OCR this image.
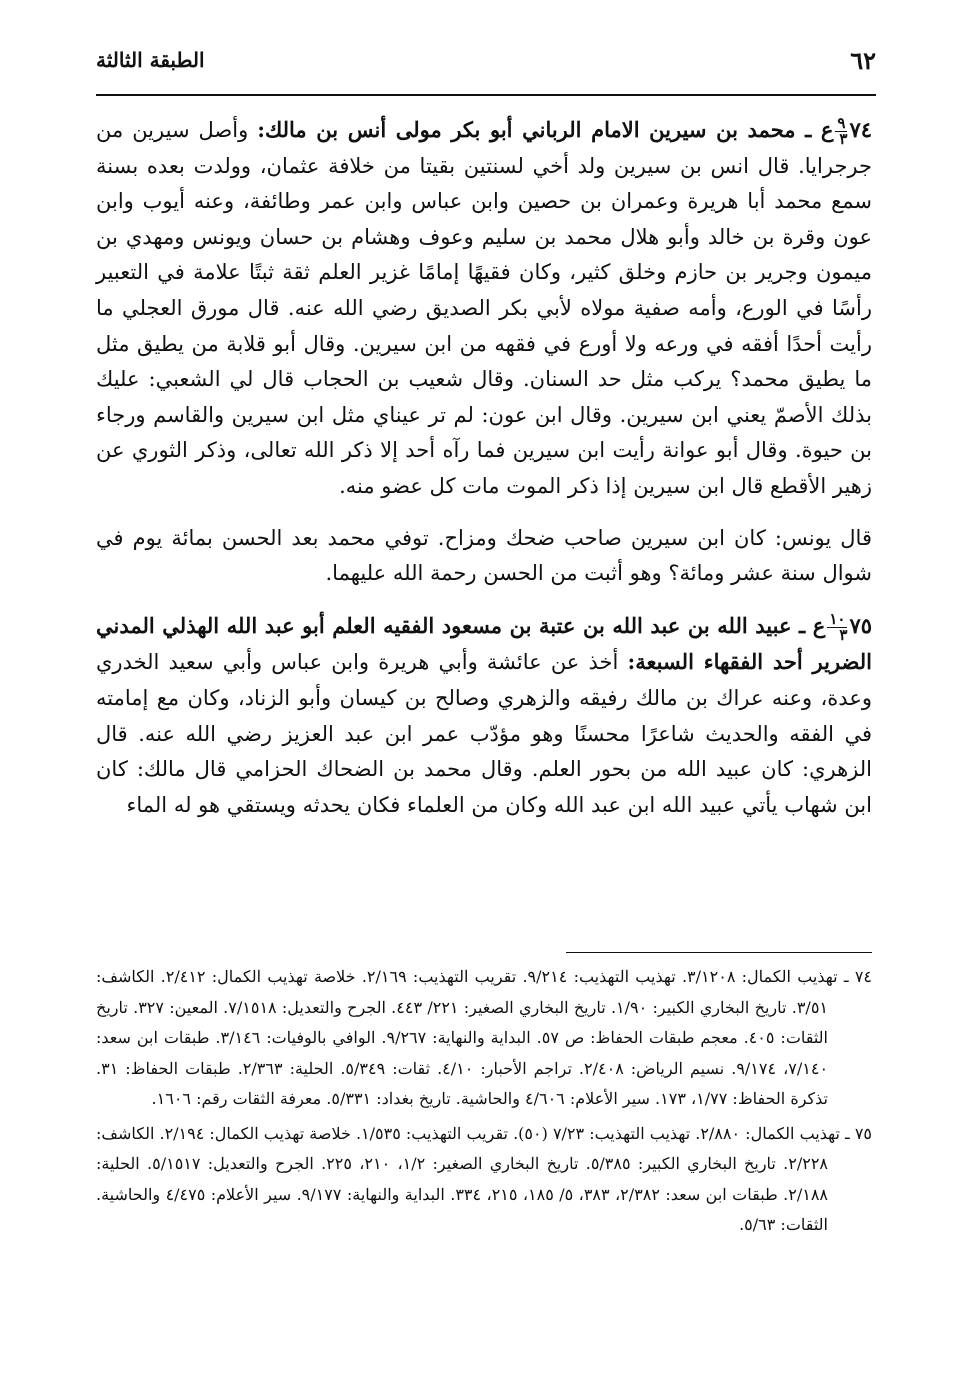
٦٢
الطبقة الثالثة

٧٤
$\frac{٩}{٣}$
ع ـ محمد بن سيرين الامام الرباني أبو بكر مولى أنس بن مالك: وأصل سيرين من جرجرايا. قال انس بن سيرين ولد أخي لسنتين بقيتا من خلافة عثمان، وولدت بعده بسنة سمع محمد أبا هريرة وعمران بن حصين وابن عباس وابن عمر وطائفة، وعنه أيوب وابن عون وقرة بن خالد وأبو هلال محمد بن سليم وعوف وهشام بن حسان ويونس ومهدي بن ميمون وجرير بن حازم وخلق كثير، وكان فقيهًا إمامًا غزير العلم ثقة ثبتًا علامة في التعبير رأسًا في الورع، وأمه صفية مولاه لأبي بكر الصديق رضي الله عنه. قال مورق العجلي ما رأيت أحدًا أفقه في ورعه ولا أورع في فقهه من ابن سيرين. وقال أبو قلابة من يطيق مثل ما يطيق محمد؟ يركب مثل حد السنان. وقال شعيب بن الحجاب قال لي الشعبي: عليك بذلك الأصمّ يعني ابن سيرين. وقال ابن عون: لم تر عيناي مثل ابن سيرين والقاسم ورجاء بن حيوة. وقال أبو عوانة رأيت ابن سيرين فما رآه أحد إلا ذكر الله تعالى، وذكر الثوري عن زهير الأقطع قال ابن سيرين إذا ذكر الموت مات كل عضو منه.

قال يونس: كان ابن سيرين صاحب ضحك ومزاح. توفي محمد بعد الحسن بمائة يوم في شوال سنة عشر ومائة؟ وهو أثبت من الحسن رحمة الله عليهما.

٧٥
$\frac{١٠}{٣}$
ع ـ عبيد الله بن عبد الله بن عتبة بن مسعود الفقيه العلم أبو عبد الله الهذلي المدني الضرير أحد الفقهاء السبعة: أخذ عن عائشة وأبي هريرة وابن عباس وأبي سعيد الخدري وعدة، وعنه عراك بن مالك رفيقه والزهري وصالح بن كيسان وأبو الزناد، وكان مع إمامته في الفقه والحديث شاعرًا محسنًا وهو مؤدّب عمر ابن عبد العزيز رضي الله عنه. قال الزهري: كان عبيد الله من بحور العلم. وقال محمد بن الضحاك الحزامي قال مالك: كان ابن شهاب يأتي عبيد الله ابن عبد الله وكان من العلماء فكان يحدثه ويستقي هو له الماء

٧٤ ـ تهذيب الكمال: ٣/١٢٠٨. تهذيب التهذيب: ٩/٢١٤. تقريب التهذيب: ٢/١٦٩. خلاصة تهذيب الكمال: ٢/٤١٢. الكاشف: ٣/٥١. تاريخ البخاري الكبير: ١/٩٠. تاريخ البخاري الصغير: ٢٢١/ ٤٤٣. الجرح والتعديل: ٧/١٥١٨. المعين: ٣٢٧. تاريخ الثقات: ٤٠٥. معجم طبقات الحفاظ: ص ٥٧. البداية والنهاية: ٩/٢٦٧. الوافي بالوفيات: ٣/١٤٦. طبقات ابن سعد: ٧/١٤٠، ٩/١٧٤. نسيم الرياض: ٢/٤٠٨. تراجم الأحبار: ٤/١٠. ثقات: ٥/٣٤٩. الحلية: ٢/٣٦٣. طبقات الحفاظ: ٣١. تذكرة الحفاظ: ١/٧٧، ١٧٣. سير الأعلام: ٤/٦٠٦ والحاشية. تاريخ بغداد: ٥/٣٣١. معرفة الثقات رقم: ١٦٠٦.

٧٥ ـ تهذيب الكمال: ٢/٨٨٠. تهذيب التهذيب: ٧/٢٣ (٥٠). تقريب التهذيب: ١/٥٣٥. خلاصة تهذيب الكمال: ٢/١٩٤. الكاشف: ٢/٢٢٨. تاريخ البخاري الكبير: ٥/٣٨٥. تاريخ البخاري الصغير: ١/٢، ٢١٠، ٢٢٥. الجرح والتعديل: ٥/١٥١٧. الحلية: ٢/١٨٨. طبقات ابن سعد: ٢/٣٨٢، ٣٨٣، ٥/ ١٨٥، ٢١٥، ٣٣٤. البداية والنهاية: ٩/١٧٧. سير الأعلام: ٤/٤٧٥ والحاشية. الثقات: ٥/٦٣.
